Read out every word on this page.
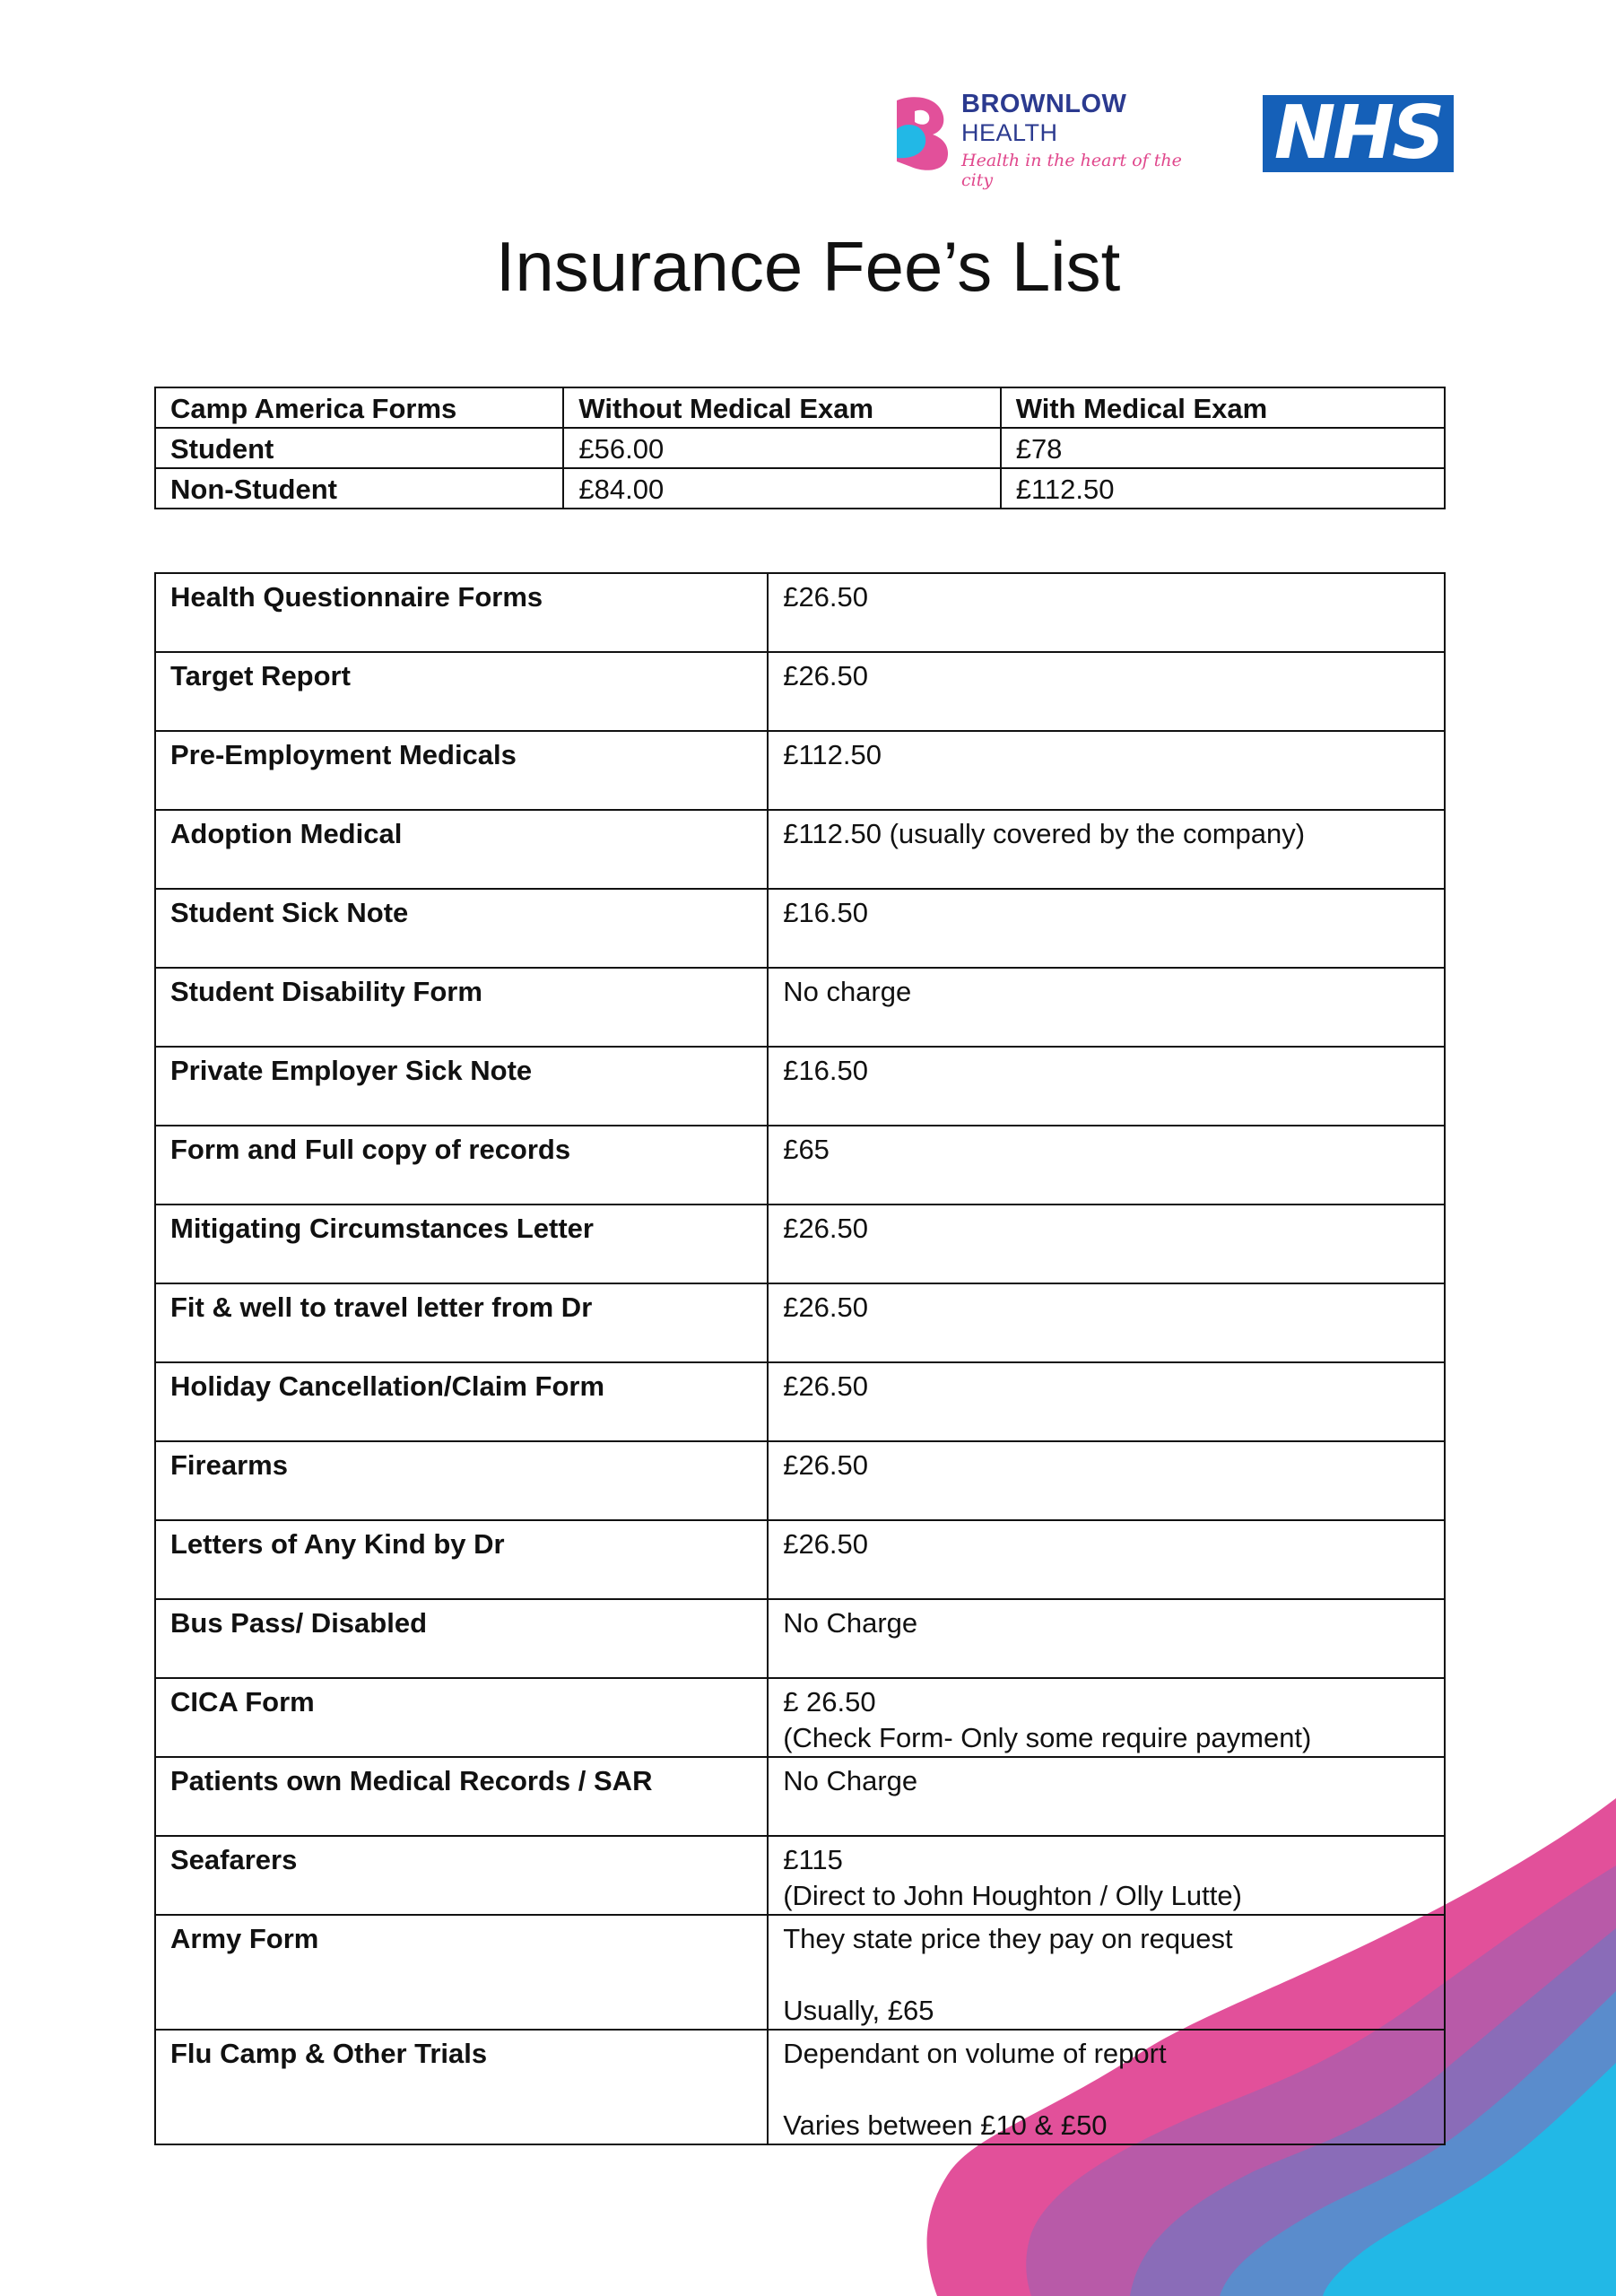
BROWNLOW
HEALTH
Health in the heart of the city
NHS
Insurance Fee’s List
Camp America Forms	Without Medical Exam	With Medical Exam
Student	£56.00	£78
Non-Student	£84.00	£112.50
Health Questionnaire Forms	£26.50
Target Report	£26.50
Pre-Employment Medicals	£112.50
Adoption Medical	£112.50 (usually covered by the company)
Student Sick Note	£16.50
Student Disability Form	No charge
Private Employer Sick Note	£16.50
Form and Full copy of records	£65
Mitigating Circumstances Letter	£26.50
Fit & well to travel letter from Dr	£26.50
Holiday Cancellation/Claim Form	£26.50
Firearms	£26.50
Letters of Any Kind by Dr	£26.50
Bus Pass/ Disabled	No Charge
CICA Form	£ 26.50
(Check Form- Only some require payment)

Patients own Medical Records / SAR	No Charge
Seafarers	£115
(Direct to John Houghton / Olly Lutte)

Army Form	They state price they pay on request
Usually, £65

Flu Camp & Other Trials	Dependant on volume of report
Varies between £10 & £50
